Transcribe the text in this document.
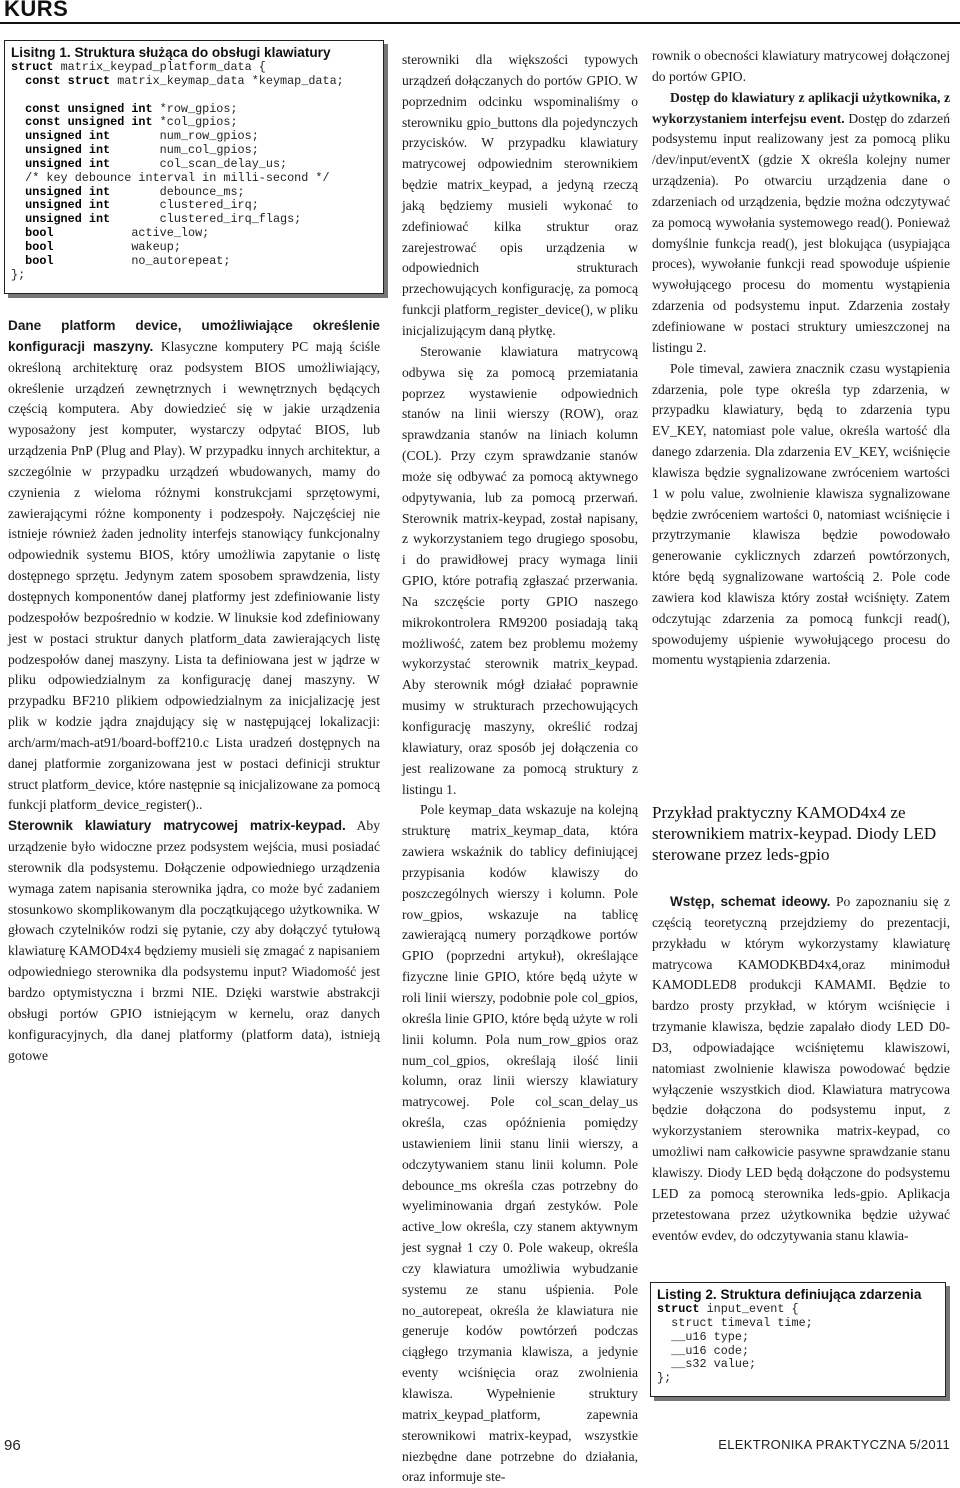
KURS
Lisitng 1. Struktura służąca do obsługi klawiatury
struct matrix_keypad_platform_data {
const struct matrix_keymap_data *keymap_data;

const unsigned int *row_gpios;
const unsigned int *col_gpios;
unsigned int       num_row_gpios;
unsigned int       num_col_gpios;
unsigned int       col_scan_delay_us;
/* key debounce interval in milli-second */
unsigned int       debounce_ms;
unsigned int       clustered_irq;
unsigned int       clustered_irq_flags;
bool           active_low;
bool           wakeup;
bool           no_autorepeat;
};

Dane platform device, umożliwiające określenie konfiguracji maszyny. Klasyczne komputery PC mają ściśle określoną architekturę oraz podsystem BIOS umożliwiający, określenie urządzeń zewnętrznych i wewnętrznych będących częścią komputera. Aby dowiedzieć się w jakie urządzenia wyposażony jest komputer, wystarczy odpytać BIOS, lub urządzenia PnP (Plug and Play). W przypadku innych architektur, a szczególnie w przypadku urządzeń wbudowanych, mamy do czynienia z wieloma różnymi konstrukcjami sprzętowymi, zawierającymi różne komponenty i podzespoły. Najczęściej nie istnieje również żaden jednolity interfejs stanowiący funkcjonalny odpowiednik systemu BIOS, który umożliwia zapytanie o listę dostępnego sprzętu. Jedynym zatem sposobem sprawdzenia, listy dostępnych komponentów danej platformy jest zdefiniowanie listy podzespołów bezpośrednio w kodzie. W linuksie kod zdefiniowany jest w postaci struktur danych platform_data zawierających listę podzespołów danej maszyny. Lista ta definiowana jest w jądrze w pliku odpowiedzialnym za konfigurację danej maszyny. W przypadku BF210 plikiem odpowiedzialnym za inicjalizację jest plik w kodzie jądra znajdujący się w następującej lokalizacji: arch/arm/mach-at91/board-boff210.c Lista uradzeń dostępnych na danej platformie zorganizowana jest w postaci definicji struktur struct platform_device, które następnie są inicjalizowane za pomocą funkcji platform_device_register()..

Sterownik klawiatury matrycowej matrix-keypad. Aby urządzenie było widoczne przez podsystem wejścia, musi posiadać sterownik dla podsystemu. Dołączenie odpowiedniego urządzenia wymaga zatem napisania sterownika jądra, co może być zadaniem stosunkowo skomplikowanym dla początkującego użytkownika. W głowach czytelników rodzi się pytanie, czy aby dołączyć tytułową klawiaturę KAMOD4x4 będziemy musieli się zmagać z napisaniem odpowiedniego sterownika dla podsystemu input? Wiadomość jest bardzo optymistyczna i brzmi NIE. Dzięki warstwie abstrakcji obsługi portów GPIO istniejącym w kernelu, oraz danych konfiguracyjnych, dla danej platformy (platform data), istnieją gotowe

sterowniki dla większości typowych urządzeń dołączanych do portów GPIO. W poprzednim odcinku wspominaliśmy o sterowniku gpio_buttons dla pojedynczych przycisków. W przypadku klawiatury matrycowej odpowiednim sterownikiem będzie matrix_keypad, a jedyną rzeczą jaką będziemy musieli wykonać to zdefiniować kilka struktur oraz zarejestrować opis urządzenia w odpowiednich strukturach przechowujących konfigurację, za pomocą funkcji platform_register_device(), w pliku inicjalizującym daną płytkę.

Sterowanie klawiatura matrycową odbywa się za pomocą przemiatania poprzez wystawienie odpowiednich stanów na linii wierszy (ROW), oraz sprawdzania stanów na liniach kolumn (COL). Przy czym sprawdzanie stanów może się odbywać za pomocą aktywnego odpytywania, lub za pomocą przerwań. Sterownik matrix-keypad, został napisany, z wykorzystaniem tego drugiego sposobu, i do prawidłowej pracy wymaga linii GPIO, które potrafią zgłaszać przerwania. Na szczęście porty GPIO naszego mikrokontrolera RM9200 posiadają taką możliwość, zatem bez problemu możemy wykorzystać sterownik matrix_keypad. Aby sterownik mógł działać poprawnie musimy w strukturach przechowujących konfigurację maszyny, określić rodzaj klawiatury, oraz sposób jej dołączenia co jest realizowane za pomocą struktury z listingu 1.

Pole keymap_data wskazuje na kolejną strukturę matrix_keymap_data, która zawiera wskaźnik do tablicy definiującej przypisania kodów klawiszy do poszczególnych wierszy i kolumn. Pole row_gpios, wskazuje na tablicę zawierającą numery porządkowe portów GPIO (poprzedni artykuł), określające fizyczne linie GPIO, które będą użyte w roli linii wierszy, podobnie pole col_gpios, określa linie GPIO, które będą użyte w roli linii kolumn. Pola num_row_gpios oraz num_col_gpios, określają ilość linii kolumn, oraz linii wierszy klawiatury matrycowej. Pole col_scan_delay_us określa, czas opóźnienia pomiędzy ustawieniem linii stanu linii wierszy, a odczytywaniem stanu linii kolumn. Pole debounce_ms określa czas potrzebny do wyeliminowania drgań zestyków. Pole active_low określa, czy stanem aktywnym jest sygnał 1 czy 0. Pole wakeup, określa czy klawiatura umożliwia wybudzanie systemu ze stanu uśpienia. Pole no_autorepeat, określa że klawiatura nie generuje kodów powtórzeń podczas ciągłego trzymania klawisza, a jedynie eventy wciśnięcia oraz zwolnienia klawisza. Wypełnienie struktury matrix_keypad_platform, zapewnia sterownikowi matrix-keypad, wszystkie niezbędne dane potrzebne do działania, oraz informuje ste-

rownik o obecności klawiatury matrycowej dołączonej do portów GPIO.

Dostęp do klawiatury z aplikacji użytkownika, z wykorzystaniem interfejsu event. Dostęp do zdarzeń podsystemu input realizowany jest za pomocą pliku /dev/input/eventX (gdzie X określa kolejny numer urządzenia). Po otwarciu urządzenia dane o zdarzeniach od urządzenia, będzie można odczytywać za pomocą wywołania systemowego read(). Ponieważ domyślnie funkcja read(), jest blokująca (usypiająca proces), wywołanie funkcji read spowoduje uśpienie wywołującego procesu do momentu wystąpienia zdarzenia od podsystemu input. Zdarzenia zostały zdefiniowane w postaci struktury umieszczonej na listingu 2.

Pole timeval, zawiera znacznik czasu wystąpienia zdarzenia, pole type określa typ zdarzenia, w przypadku klawiatury, będą to zdarzenia typu EV_KEY, natomiast pole value, określa wartość dla danego zdarzenia. Dla zdarzenia EV_KEY, wciśnięcie klawisza będzie sygnalizowane zwróceniem wartości 1 w polu value, zwolnienie klawisza sygnalizowane będzie zwróceniem wartości 0, natomiast wciśnięcie i przytrzymanie klawisza będzie powodowało generowanie cyklicznych zdarzeń powtórzonych, które będą sygnalizowane wartością 2. Pole code zawiera kod klawisza który został wciśnięty. Zatem odczytując zdarzenia za pomocą funkcji read(), spowodujemy uśpienie wywołującego procesu do momentu wystąpienia zdarzenia.

Przykład praktyczny KAMOD4x4 ze sterownikiem matrix-keypad. Diody LED sterowane przez leds-gpio

Wstęp, schemat ideowy. Po zapoznaniu się z częścią teoretyczną przejdziemy do prezentacji, przykładu w którym wykorzystamy klawiaturę matrycowa KAMODKBD4x4,oraz minimoduł KAMODLED8 produkcji KAMAMI. Będzie to bardzo prosty przykład, w którym wciśnięcie i trzymanie klawisza, będzie zapalało diody LED D0-D3, odpowiadające wciśniętemu klawiszowi, natomiast zwolnienie klawisza powodować będzie wyłączenie wszystkich diod. Klawiatura matrycowa będzie dołączona do podsystemu input, z wykorzystaniem sterownika matrix-keypad, co umożliwi nam całkowicie pasywne sprawdzanie stanu klawiszy. Diody LED będą dołączone do podsystemu LED za pomocą sterownika leds-gpio. Aplikacja przetestowana przez użytkownika będzie używać eventów evdev, do odczytywania stanu klawia-

Listing 2. Struktura definiująca zdarzenia
struct input_event {
struct timeval time;
__u16 type;
__u16 code;
__s32 value;
};
96	ELEKTRONIKA PRAKTYCZNA 5/2011
